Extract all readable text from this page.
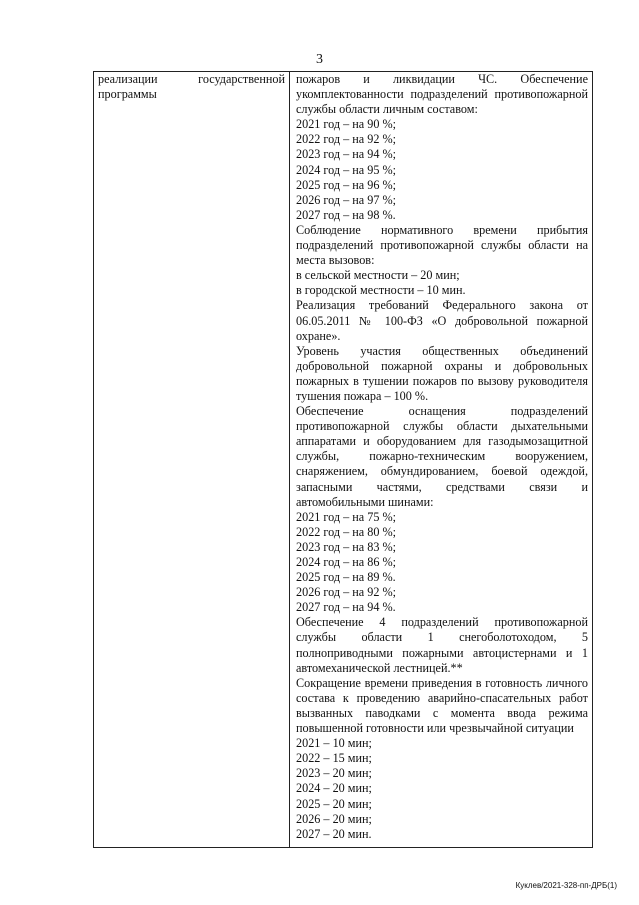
3

реализации государственной программы

пожаров и ликвидации ЧС. Обеспечение укомплектованности подразделений противопожарной службы области личным составом:

2021 год – на 90 %;

2022 год – на 92 %;

2023 год – на 94 %;

2024 год – на 95 %;

2025 год – на 96 %;

2026 год – на 97 %;

2027 год – на 98 %.

Соблюдение нормативного времени прибытия подразделений противопожарной службы области на места вызовов:

в сельской местности – 20 мин;

в городской местности – 10 мин.

Реализация требований Федерального закона от 06.05.2011 № 100-ФЗ «О добровольной пожарной охране».

Уровень участия общественных объединений добровольной пожарной охраны и добровольных пожарных в тушении пожаров по вызову руководителя тушения пожара – 100 %.

Обеспечение оснащения подразделений противопожарной службы области дыхательными аппаратами и оборудованием для газодымозащитной службы, пожарно-техническим вооружением, снаряжением, обмундированием, боевой одеждой, запасными частями, средствами связи и автомобильными шинами:

2021 год – на 75 %;

2022 год – на 80 %;

2023 год – на 83 %;

2024 год – на 86 %;

2025 год – на 89 %.

2026 год – на 92 %;

2027 год – на 94 %.

Обеспечение 4 подразделений противопожарной службы области 1 снегоболотоходом, 5 полноприводными пожарными автоцистернами и 1 автомеханической лестницей.**

Сокращение времени приведения в готовность личного состава к проведению аварийно-спасательных работ вызванных паводками с момента ввода режима повышенной готовности или чрезвычайной ситуации

2021 – 10 мин;

2022 – 15 мин;

2023 – 20 мин;

2024 – 20 мин;

2025 – 20 мин;

2026 – 20 мин;

2027 – 20 мин.

Куклев/2021-328-пп-ДРБ(1)
